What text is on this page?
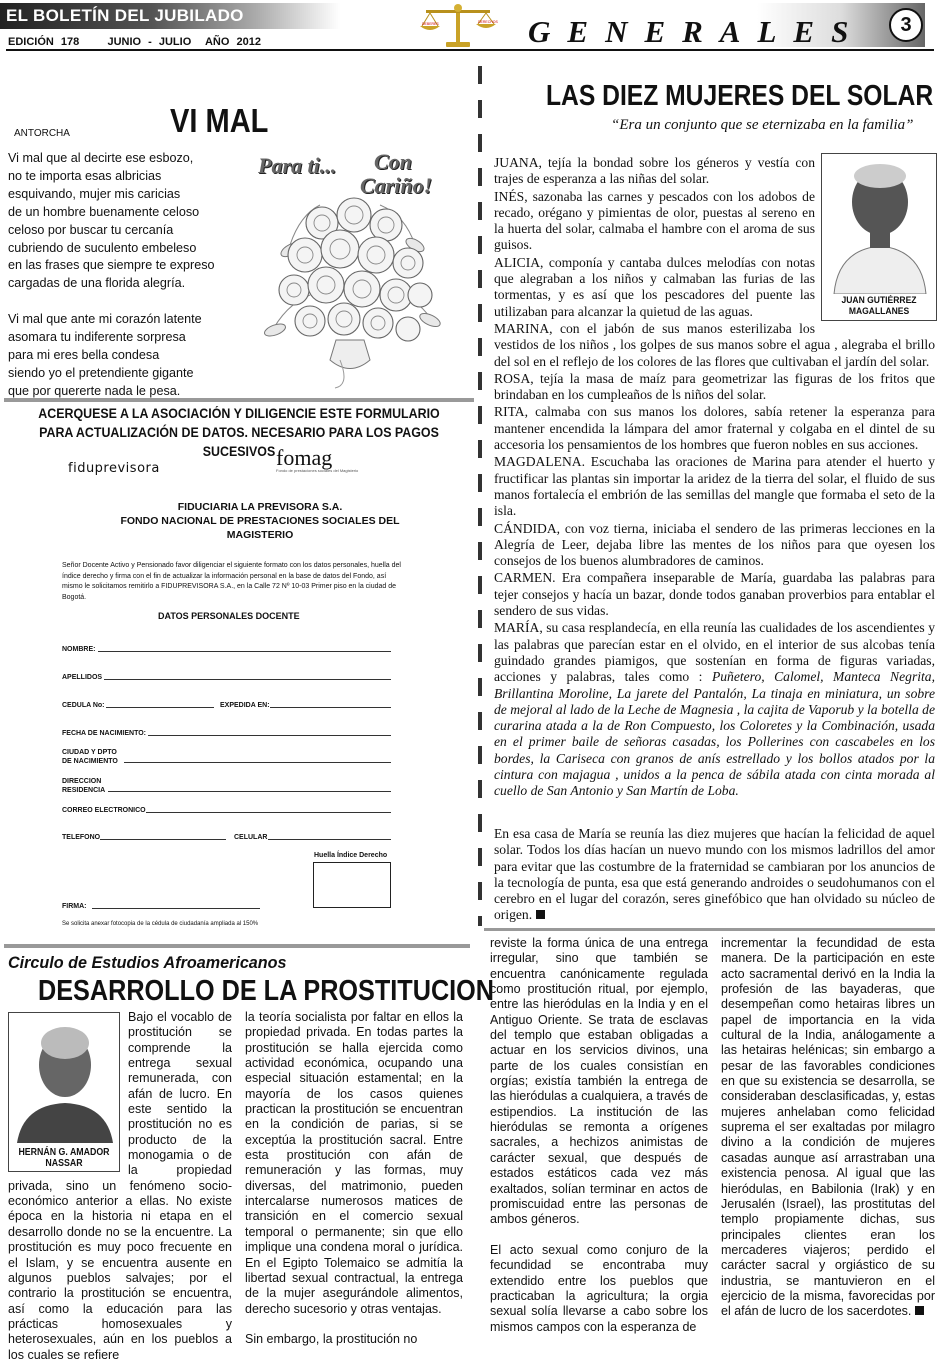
EL BOLETÍN DEL JUBILADO
EDICIÓN 178    JUNIO - JULIO  AÑO 2012
DEBERES	DERECHOS GENERALES	3
ANTORCHA	VI MAL

Vi mal que al decirte ese esbozo,
no te importa esas albricias
esquivando, mujer mis caricias
de un hombre buenamente celoso
celoso por buscar tu cercanía
cubriendo de suculento embeleso
en las frases que siempre te expreso
cargadas de una florida alegría.

Vi mal que ante mi corazón latente
asomara tu indiferente sorpresa
para mi eres bella condesa
siendo yo el pretendiente gigante
que por quererte nada le pesa.

Para ti... Con
Cariño!
ACERQUESE A LA ASOCIACIÓN Y DILIGENCIE ESTE FORMULARIO
PARA ACTUALIZACIÓN DE DATOS. NECESARIO PARA LOS PAGOS SUCESIVOS
fiduprevisora	fomag
Fondo de prestaciones sociales del Magisterio
FIDUCIARIA LA PREVISORA S.A.
FONDO NACIONAL DE PRESTACIONES SOCIALES DEL
MAGISTERIO
Señor Docente Activo y Pensionado favor diligenciar el siguiente formato con los datos personales, huella del índice derecho y firma con el fin de actualizar la información personal en la base de datos del Fondo, así mismo le solicitamos remitirlo a FIDUPREVISORA S.A., en la Calle 72 Nº 10-03 Primer piso en la ciudad de Bogotá.
DATOS PERSONALES DOCENTE
NOMBRE:
APELLIDOS
CEDULA No:	EXPEDIDA EN:
FECHA DE NACIMIENTO:
CIUDAD Y DPTO
DE NACIMIENTO
DIRECCION
RESIDENCIA
CORREO ELECTRONICO
TELEFONO	CELULAR
Huella Índice Derecho
FIRMA:
Se solicita anexar fotocopia de la cédula de ciudadanía ampliada al 150%
LAS DIEZ MUJERES DEL SOLAR
“Era un conjunto que se eternizaba en la familia”
JUAN GUTIÉRREZ
MAGALLANES

JUANA, tejía la bondad sobre los géneros y vestía con trajes de esperanza a las niñas del solar.

INÉS, sazonaba las carnes y pescados con los adobos de recado, orégano y pimientas de olor, puestas al sereno en la huerta del solar, calmaba el hambre con el aroma de sus guisos.

ALICIA, componía y cantaba dulces melodías con notas que alegraban a los niños y calmaban las furias de las tormentas, y es así que los pescadores del puente las utilizaban para alcanzar la quietud de las aguas.

MARINA, con el jabón de sus manos esterilizaba los vestidos de los niños , los golpes de sus manos sobre el agua , alegraba el brillo del sol en el reflejo de los colores de las flores que cultivaban el jardín del solar.

ROSA, tejía la masa de maíz para geometrizar las figuras de los fritos que brindaban en los cumpleaños de ls niños del solar.

RITA, calmaba con sus manos los dolores, sabía retener la esperanza para mantener encendida la lámpara del amor fraternal y colgaba en el dintel de su accesoria los pensamientos de los hombres que fueron nobles en sus acciones.

MAGDALENA. Escuchaba las oraciones de Marina para atender el huerto y fructificar las plantas sin importar la aridez de la tierra del solar, el fluido de sus manos fortalecía el embrión de las semillas del mangle que formaba el seto de la isla.

CÁNDIDA, con voz tierna, iniciaba el sendero de las primeras lecciones en la Alegría de Leer, dejaba libre las mentes de los niños para que oyesen los consejos de los buenos alumbradores de caminos.

CARMEN. Era compañera inseparable de María, guardaba las palabras para tejer consejos y hacía un bazar, donde todos ganaban proverbios para entablar el sendero de sus vidas.

MARÍA, su casa resplandecía, en ella reunía las cualidades de los ascendientes y las palabras que parecían estar en el olvido, en el interior de sus alcobas tenía guindado grandes piamigos, que sostenían en forma de figuras variadas, acciones y palabras, tales como : Puñetero, Calomel, Manteca Negrita, Brillantina Moroline, La jarete del Pantalón, La tinaja en miniatura, un sobre de mejoral al lado de la Leche de Magnesia , la cajita de Vaporub y la botella de curarina atada a la de Ron Compuesto, los Coloretes y la Combinación, usada en el primer baile de señoras casadas, los Pollerines con cascabeles en los bordes, la Cariseca con granos de anís estrellado y los bollos atados por la cintura con majagua , unidos a la penca de sábila atada con cinta morada al cuello de San Antonio y San Martín de Loba.

En esa casa de María se reunía las diez mujeres que hacían la felicidad de aquel solar. Todos los días hacían un nuevo mundo con los mismos ladrillos del amor para evitar que las costumbre de la fraternidad se cambiaran por los anuncios de la tecnología de punta, esa que está generando androides o seudohumanos con el cerebro en el lugar del corazón, seres ginefóbico que han olvidado su núcleo de origen.
Circulo de Estudios Afroamericanos
DESARROLLO DE LA PROSTITUCION
HERNÁN G. AMADOR
NASSAR
Bajo el vocablo de prostitución se comprende la entrega sexual remunerada, con afán de lucro. En este sentido la prostitución no es producto de la monogamia o de la propiedad privada, sino un fenómeno socio-económico anterior a ellas. No existe época en la historia ni etapa en el desarrollo donde no se la encuentre. La prostitución es muy poco frecuente en el Islam, y se encuentra ausente en algunos pueblos salvajes; por el contrario la prostitución se encuentra, así como la educación para las prácticas homosexuales y heterosexuales, aún en los pueblos a los cuales se refiere

la teoría socialista por faltar en ellos la propiedad privada. En todas partes la prostitución se halla ejercida como actividad económica, ocupando una especial situación estamental; en la mayoría de los casos quienes practican la prostitución se encuentran en la condición de parias, si se exceptúa la prostitución sacral. Entre esta prostitución con afán de remuneración y las formas, muy diversas, del matrimonio, pueden intercalarse numerosos matices de transición en el comercio sexual temporal o permanente; sin que ello implique una condena moral o jurídica. En el Egipto Tolemaico se admitía la libertad sexual contractual, la entrega de la mujer asegurándole alimentos, derecho sucesorio y otras ventajas.

Sin embargo, la prostitución no

reviste la forma única de una entrega irregular, sino que también se encuentra canónicamente regulada como prostitución ritual, por ejemplo, entre las hieródulas en la India y en el Antiguo Oriente. Se trata de esclavas del templo que estaban obligadas a actuar en los servicios divinos, una parte de los cuales consistían en orgías; existía también la entrega de las hieródulas a cualquiera, a través de estipendios. La institución de las hieródulas se remonta a orígenes sacrales, a hechizos animistas de carácter sexual, que después de estados estáticos cada vez más exaltados, solían terminar en actos de promiscuidad entre las personas de ambos géneros.

El acto sexual como conjuro de la fecundidad se encontraba muy extendido entre los pueblos que practicaban la agricultura; la orgia sexual solía llevarse a cabo sobre los mismos campos con la esperanza de

incrementar la fecundidad de esta manera. De la participación en este acto sacramental derivó en la India la profesión de las bayaderas, que desempeñan como hetairas libres un papel de importancia en la vida cultural de la India, análogamente a las hetairas helénicas; sin embargo a pesar de las favorables condiciones en que su existencia se desarrolla, se consideraban desclasificadas, y, estas mujeres anhelaban como felicidad suprema el ser exaltadas por milagro divino a la condición de mujeres casadas aunque así arrastraban una existencia penosa. Al igual que las hieródulas, en Babilonia (Irak) y en Jerusalén (Israel), las prostitutas del templo propiamente dichas, sus principales clientes eran los mercaderes viajeros; perdido el carácter sacral y orgiástico de su industria, se mantuvieron en el ejercicio de la misma, favorecidas por el afán de lucro de los sacerdotes.
